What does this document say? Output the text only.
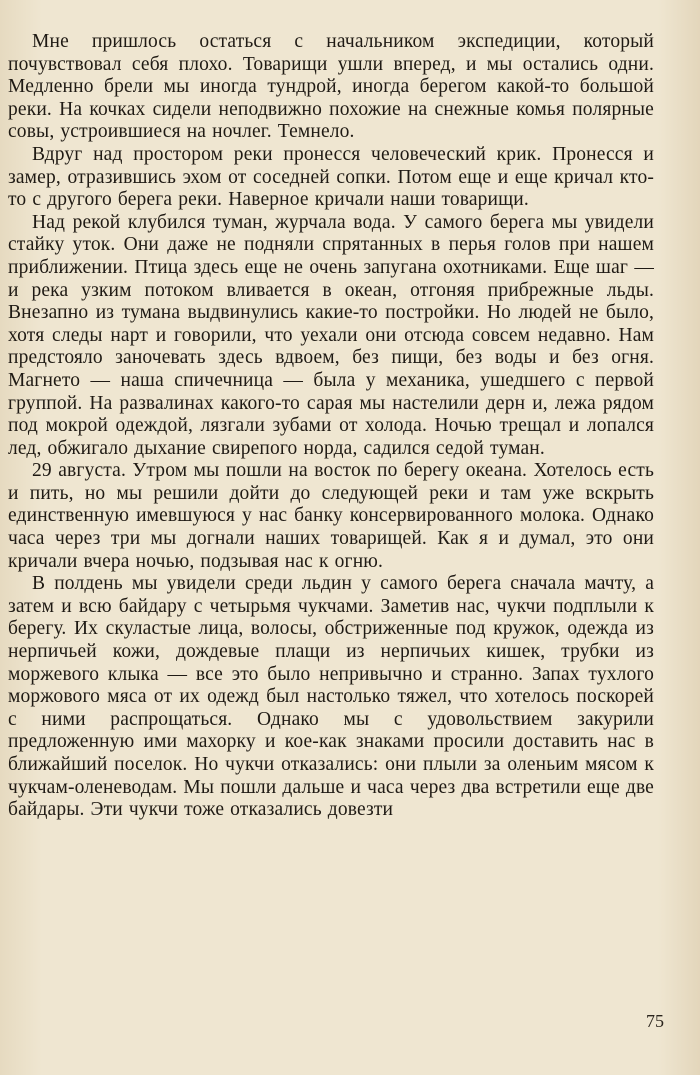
Мне пришлось остаться с начальником экспедиции, который почувствовал себя плохо. Товарищи ушли вперед, и мы остались одни. Медленно брели мы иногда тундрой, иногда берегом какой-то большой реки. На кочках сидели неподвижно похожие на снежные комья полярные совы, устроившиеся на ночлег. Темнело.

Вдруг над простором реки пронесся человеческий крик. Пронесся и замер, отразившись эхом от соседней сопки. Потом еще и еще кричал кто-то с другого берега реки. Наверное кричали наши товарищи.

Над рекой клубился туман, журчала вода. У самого берега мы увидели стайку уток. Они даже не подняли спрятанных в перья голов при нашем приближении. Птица здесь еще не очень запугана охотниками. Еще шаг — и река узким потоком вливается в океан, отгоняя прибрежные льды. Внезапно из тумана выдвинулись какие-то постройки. Но людей не было, хотя следы нарт и говорили, что уехали они отсюда совсем недавно. Нам предстояло заночевать здесь вдвоем, без пищи, без воды и без огня. Магнето — наша спичечница — была у механика, ушедшего с первой группой. На развалинах какого-то сарая мы настелили дерн и, лежа рядом под мокрой одеждой, лязгали зубами от холода. Ночью трещал и лопался лед, обжигало дыхание свирепого норда, садился седой туман.

29 августа. Утром мы пошли на восток по берегу океана. Хотелось есть и пить, но мы решили дойти до следующей реки и там уже вскрыть единственную имевшуюся у нас банку консервированного молока. Однако часа через три мы догнали наших товарищей. Как я и думал, это они кричали вчера ночью, подзывая нас к огню.

В полдень мы увидели среди льдин у самого берега сначала мачту, а затем и всю байдару с четырьмя чукчами. Заметив нас, чукчи подплыли к берегу. Их скуластые лица, волосы, обстриженные под кружок, одежда из нерпичьей кожи, дождевые плащи из нерпичьих кишек, трубки из моржевого клыка — все это было непривычно и странно. Запах тухлого моржового мяса от их одежд был настолько тяжел, что хотелось поскорей с ними распрощаться. Однако мы с удовольствием закурили предложенную ими махорку и кое-как знаками просили доставить нас в ближайший поселок. Но чукчи отказались: они плыли за оленьим мясом к чукчам-оленеводам. Мы пошли дальше и часа через два встретили еще две байдары. Эти чукчи тоже отказались довезти

75
